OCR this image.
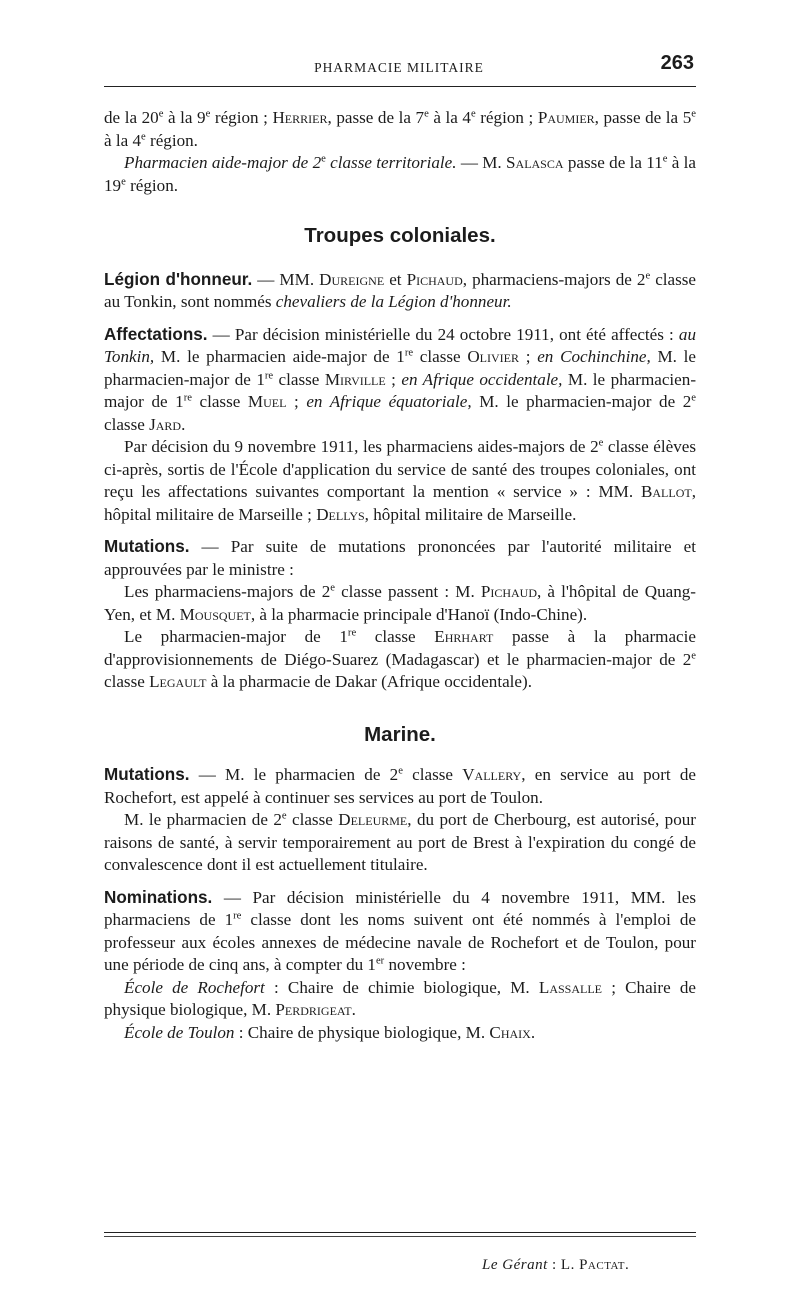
PHARMACIE MILITAIRE	263

de la 20e à la 9e région ; Herrier, passe de la 7e à la 4e région ; Paumier, passe de la 5e à la 4e région.

Pharmacien aide-major de 2e classe territoriale. — M. Salasca passe de la 11e à la 19e région.

Troupes coloniales.

Légion d'honneur. — MM. Dureigne et Pichaud, pharmaciens-majors de 2e classe au Tonkin, sont nommés chevaliers de la Légion d'honneur.

Affectations. — Par décision ministérielle du 24 octobre 1911, ont été affectés : au Tonkin, M. le pharmacien aide-major de 1re classe Olivier ; en Cochinchine, M. le pharmacien-major de 1re classe Mirville ; en Afrique occidentale, M. le pharmacien-major de 1re classe Muel ; en Afrique équatoriale, M. le pharmacien-major de 2e classe Jard.

Par décision du 9 novembre 1911, les pharmaciens aides-majors de 2e classe élèves ci-après, sortis de l'École d'application du service de santé des troupes coloniales, ont reçu les affectations suivantes comportant la mention « service » : MM. Ballot, hôpital militaire de Marseille ; Dellys, hôpital militaire de Marseille.

Mutations. — Par suite de mutations prononcées par l'autorité militaire et approuvées par le ministre :

Les pharmaciens-majors de 2e classe passent : M. Pichaud, à l'hôpital de Quang-Yen, et M. Mousquet, à la pharmacie principale d'Hanoï (Indo-Chine).

Le pharmacien-major de 1re classe Ehrhart passe à la pharmacie d'approvisionnements de Diégo-Suarez (Madagascar) et le pharmacien-major de 2e classe Legault à la pharmacie de Dakar (Afrique occidentale).

Marine.

Mutations. — M. le pharmacien de 2e classe Vallery, en service au port de Rochefort, est appelé à continuer ses services au port de Toulon.

M. le pharmacien de 2e classe Deleurme, du port de Cherbourg, est autorisé, pour raisons de santé, à servir temporairement au port de Brest à l'expiration du congé de convalescence dont il est actuellement titulaire.

Nominations. — Par décision ministérielle du 4 novembre 1911, MM. les pharmaciens de 1re classe dont les noms suivent ont été nommés à l'emploi de professeur aux écoles annexes de médecine navale de Rochefort et de Toulon, pour une période de cinq ans, à compter du 1er novembre :

École de Rochefort : Chaire de chimie biologique, M. Lassalle ; Chaire de physique biologique, M. Perdrigeat.

École de Toulon : Chaire de physique biologique, M. Chaix.

Le Gérant : L. Pactat.
